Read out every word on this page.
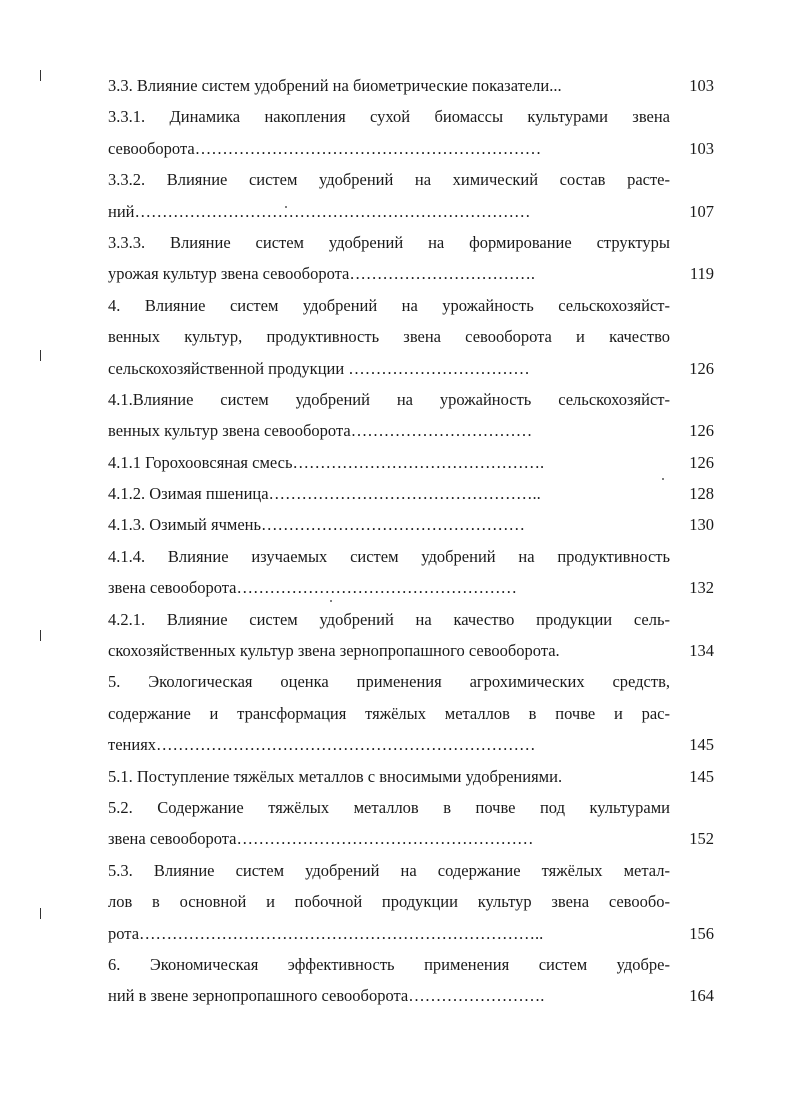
3.3. Влияние систем удобрений на биометрические показатели...	103
3.3.1. Динамика накопления сухой биомассы культурами звена
севооборота………………………………………………………	103
3.3.2. Влияние систем удобрений на химический состав расте-
ний………………………………………………………………	107
3.3.3. Влияние систем удобрений на формирование структуры
урожая культур звена севооборота…………………………….	119
4. Влияние систем удобрений на урожайность сельскохозяйст-
венных культур, продуктивность звена севооборота и качество
сельскохозяйственной продукции ……………………………	126
4.1.Влияние систем удобрений на урожайность сельскохозяйст-
венных культур звена севооборота……………………………	126
4.1.1 Горохоовсяная смесь……………………………………….	126
4.1.2. Озимая пшеница…………………………………………..	128
4.1.3. Озимый ячмень…………………………………………	130
4.1.4. Влияние изучаемых систем удобрений на продуктивность
звена севооборота……………………………………………	132
4.2.1. Влияние систем удобрений на качество продукции сель-
скохозяйственных культур звена зернопропашного севооборота.	134
5. Экологическая оценка применения агрохимических средств,
содержание и трансформация тяжёлых металлов в почве и рас-
тениях……………………………………………………………	145
5.1. Поступление тяжёлых металлов с вносимыми удобрениями.	145
5.2. Содержание тяжёлых металлов в почве под культурами
звена севооборота………………………………………………	152
5.3. Влияние систем удобрений на содержание тяжёлых метал-
лов в основной и побочной продукции культур звена севообо-
рота………………………………………………………………..	156
6. Экономическая эффективность применения систем удобре-
ний в звене зернопропашного севооборота…………………….	164
